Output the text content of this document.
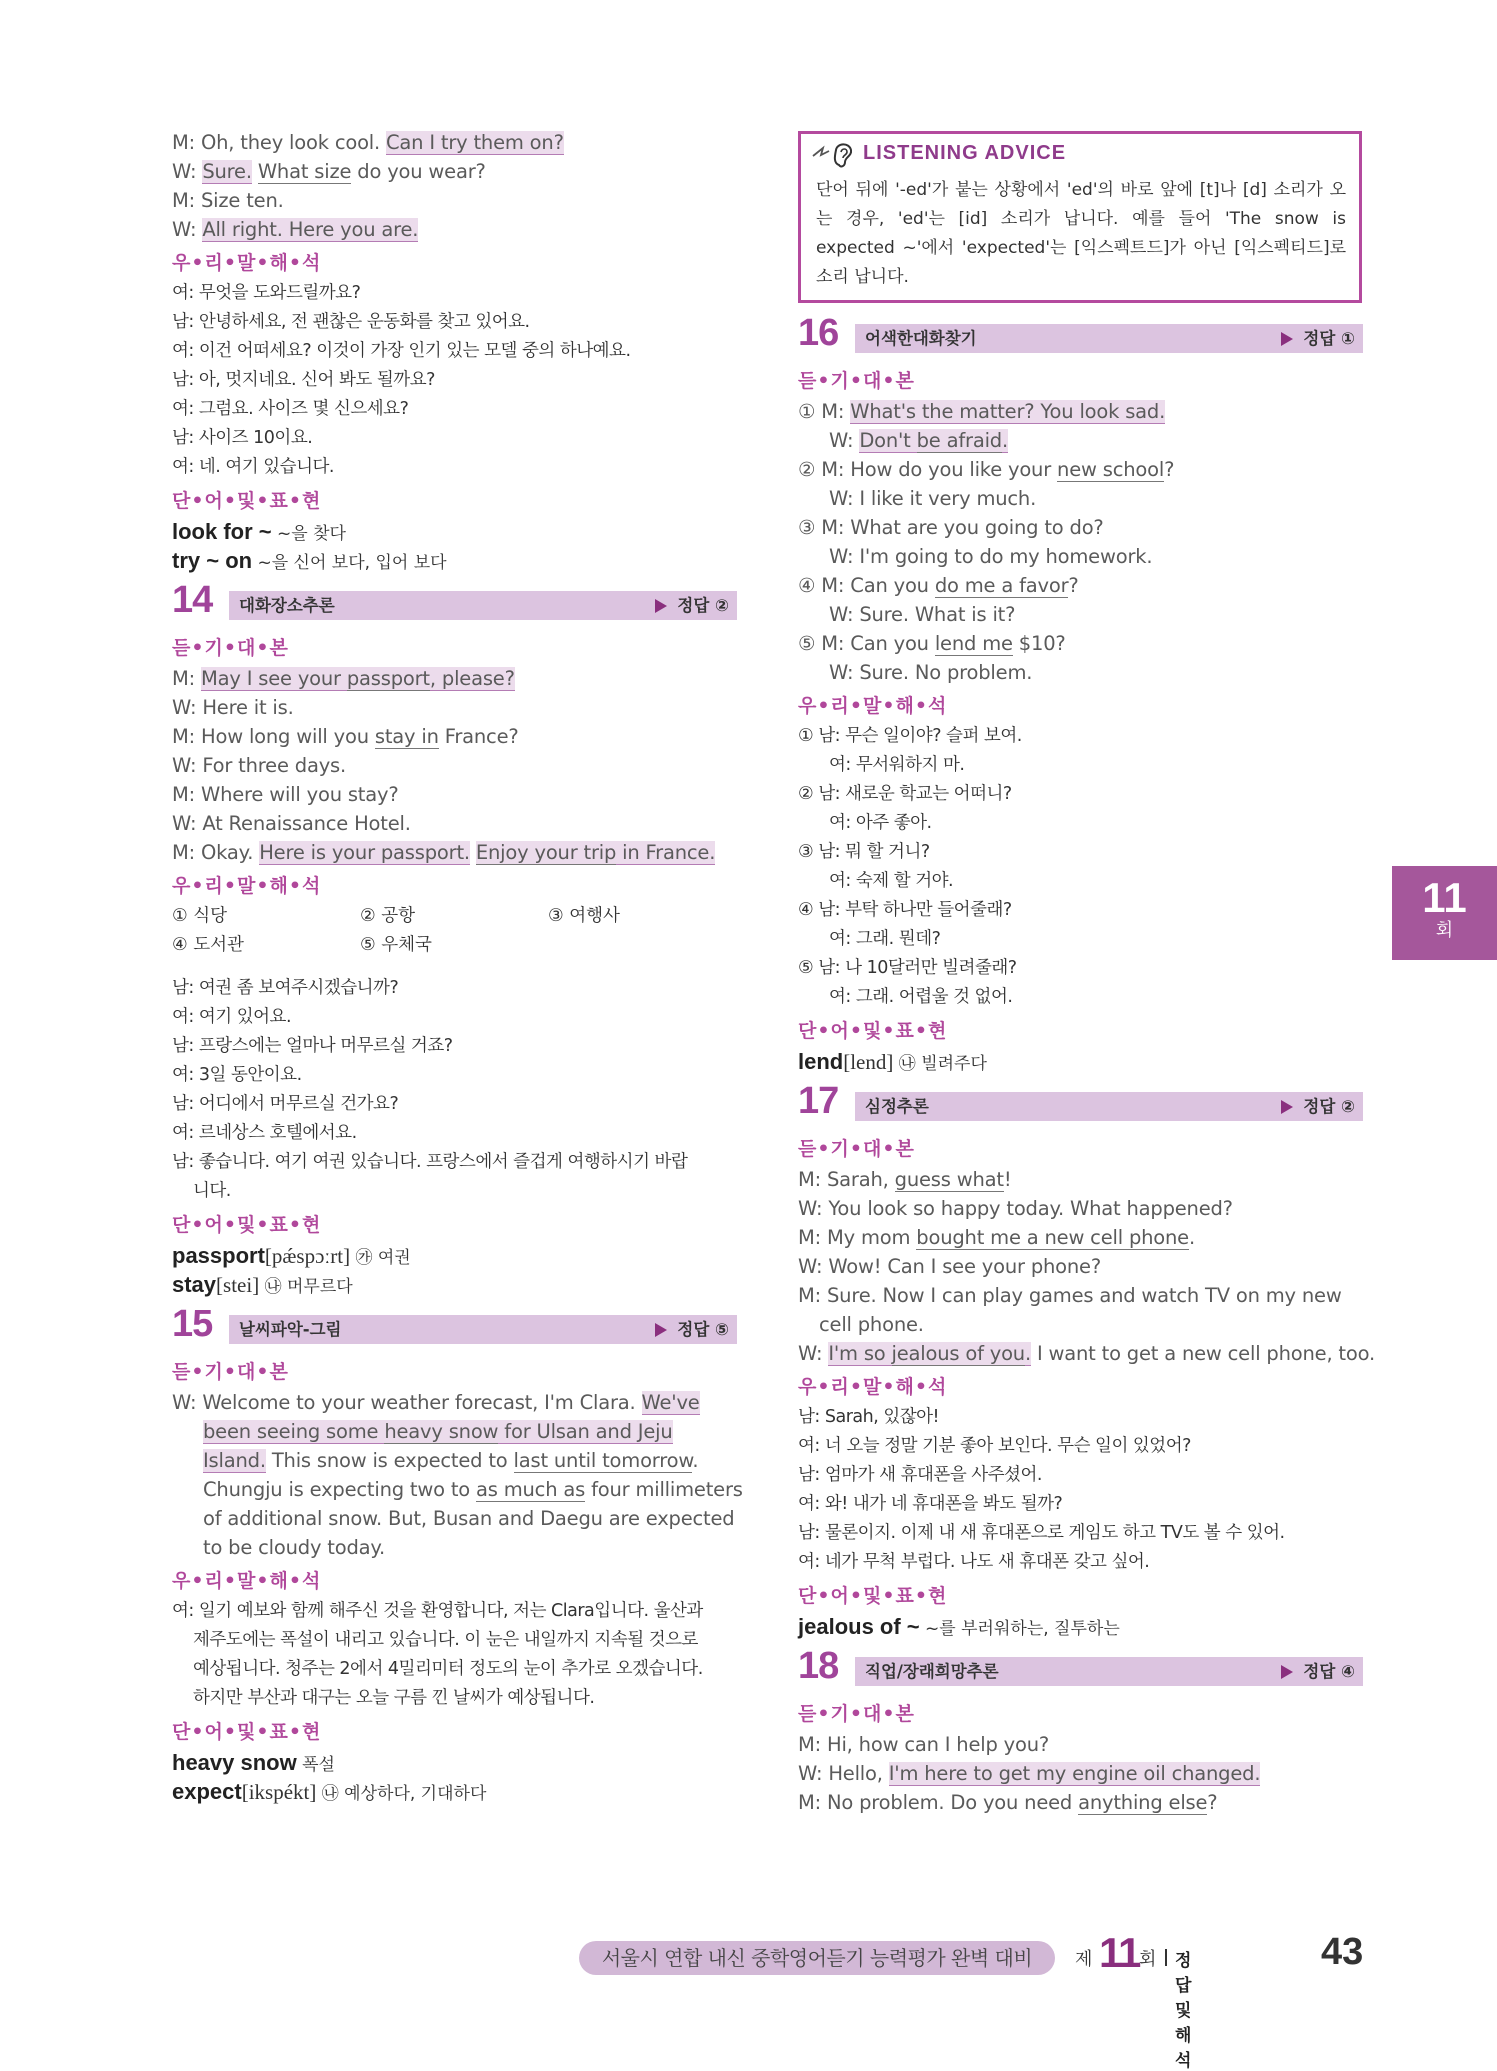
M: Oh, they look cool. Can I try them on?
W: Sure. What size do you wear?
M: Size ten.
W: All right. Here you are.
우•리•말•해•석
여: 무엇을 도와드릴까요?
남: 안녕하세요, 전 괜찮은 운동화를 찾고 있어요.
여: 이건 어떠세요? 이것이 가장 인기 있는 모델 중의 하나예요.
남: 아, 멋지네요. 신어 봐도 될까요?
여: 그럼요. 사이즈 몇 신으세요?
남: 사이즈 10이요.
여: 네. 여기 있습니다.
단•어•및•표•현
look for ~ ~을 찾다
try ~ on ~을 신어 보다, 입어 보다
대화장소추론	정답 ②
14
듣•기•대•본
M: May I see your passport, please?
W: Here it is.
M: How long will you stay in France?
W: For three days.
M: Where will you stay?
W: At Renaissance Hotel.
M: Okay. Here is your passport. Enjoy your trip in France.
우•리•말•해•석
① 식당	② 공항	③ 여행사
④ 도서관	⑤ 우체국
남: 여권 좀 보여주시겠습니까?
여: 여기 있어요.
남: 프랑스에는 얼마나 머무르실 거죠?
여: 3일 동안이요.
남: 어디에서 머무르실 건가요?
여: 르네상스 호텔에서요.
남: 좋습니다. 여기 여권 있습니다. 프랑스에서 즐겁게 여행하시기 바랍
니다.
단•어•및•표•현
passport[pǽspɔːrt] ㉮ 여권
stay[stei] ㉯ 머무르다
날씨파악-그림	정답 ⑤
15
듣•기•대•본
W: Welcome to your weather forecast, I'm Clara. We've
been seeing some heavy snow for Ulsan and Jeju
Island. This snow is expected to last until tomorrow.
Chungju is expecting two to as much as four millimeters
of additional snow. But, Busan and Daegu are expected
to be cloudy today.
우•리•말•해•석
여: 일기 예보와 함께 해주신 것을 환영합니다, 저는 Clara입니다. 울산과
제주도에는 폭설이 내리고 있습니다. 이 눈은 내일까지 지속될 것으로
예상됩니다. 청주는 2에서 4밀리미터 정도의 눈이 추가로 오겠습니다.
하지만 부산과 대구는 오늘 구름 낀 날씨가 예상됩니다.
단•어•및•표•현
heavy snow 폭설
expect[ikspékt] ㉯ 예상하다, 기대하다
LISTENING ADVICE
단어 뒤에 '-ed'가 붙는 상황에서 'ed'의 바로 앞에 [t]나 [d] 소리가 오는 경우, 'ed'는 [id] 소리가 납니다. 예를 들어 'The snow is expected ~'에서 'expected'는 [익스펙트드]가 아닌 [익스펙티드]로 소리 납니다.
어색한대화찾기	정답 ①
16
듣•기•대•본
① M: What's the matter? You look sad.
W: Don't be afraid.
② M: How do you like your new school?
W: I like it very much.
③ M: What are you going to do?
W: I'm going to do my homework.
④ M: Can you do me a favor?
W: Sure. What is it?
⑤ M: Can you lend me $10?
W: Sure. No problem.
우•리•말•해•석
① 남: 무슨 일이야? 슬퍼 보여.
여: 무서워하지 마.
② 남: 새로운 학교는 어떠니?
여: 아주 좋아.
③ 남: 뭐 할 거니?
여: 숙제 할 거야.
④ 남: 부탁 하나만 들어줄래?
여: 그래. 뭔데?
⑤ 남: 나 10달러만 빌려줄래?
여: 그래. 어렵울 것 없어.
단•어•및•표•현
lend[lend] ㉯ 빌려주다
심정추론	정답 ②
17
듣•기•대•본
M: Sarah, guess what!
W: You look so happy today. What happened?
M: My mom bought me a new cell phone.
W: Wow! Can I see your phone?
M: Sure. Now I can play games and watch TV on my new
cell phone.
W: I'm so jealous of you. I want to get a new cell phone, too.
우•리•말•해•석
남: Sarah, 있잖아!
여: 너 오늘 정말 기분 좋아 보인다. 무슨 일이 있었어?
남: 엄마가 새 휴대폰을 사주셨어.
여: 와! 내가 네 휴대폰을 봐도 될까?
남: 물론이지. 이제 내 새 휴대폰으로 게임도 하고 TV도 볼 수 있어.
여: 네가 무척 부럽다. 나도 새 휴대폰 갖고 싶어.
단•어•및•표•현
jealous of ~ ~를 부러워하는, 질투하는
직업/장래희망추론	정답 ④
18
듣•기•대•본
M: Hi, how can I help you?
W: Hello, I'm here to get my engine oil changed.
M: No problem. Do you need anything else?
11
회
서울시 연합 내신 중학영어듣기 능력평가 완벽 대비	제 11 회 정답 및 해석
43
